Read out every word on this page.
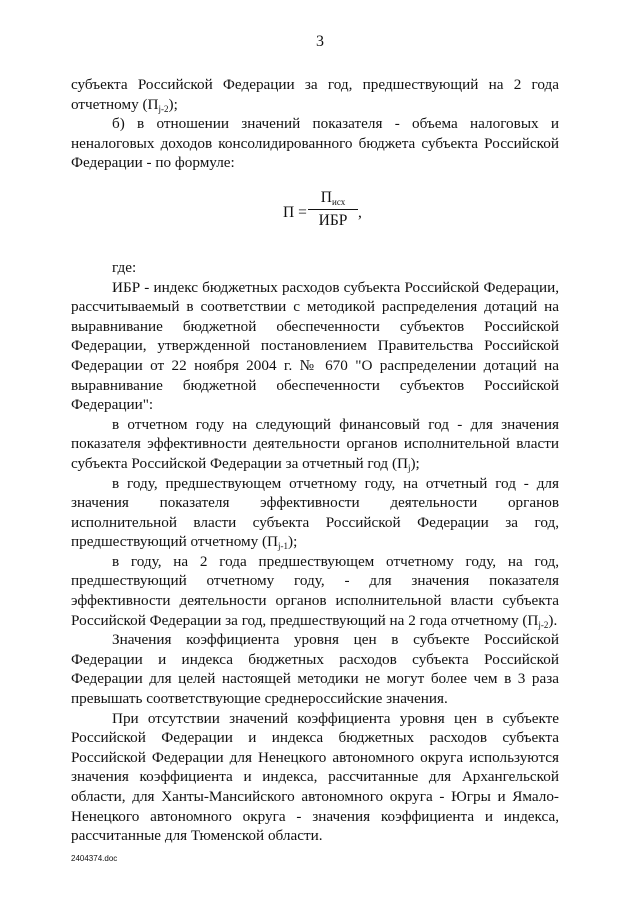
3

субъекта Российской Федерации за год, предшествующий на 2 года отчетному $(П_{j-2})$;

б) в отношении значений показателя - объема налоговых и неналоговых доходов консолидированного бюджета субъекта Российской Федерации - по формуле:

П =
$П_{исх}$
ИБР ,

где:

ИБР - индекс бюджетных расходов субъекта Российской Федерации, рассчитываемый в соответствии с методикой распределения дотаций на выравнивание бюджетной обеспеченности субъектов Российской Федерации, утвержденной постановлением Правительства Российской Федерации от 22 ноября 2004 г. № 670 "О распределении дотаций на выравнивание бюджетной обеспеченности субъектов Российской Федерации":

в отчетном году на следующий финансовый год - для значения показателя эффективности деятельности органов исполнительной власти субъекта Российской Федерации за отчетный год $(П_j)$;

в году, предшествующем отчетному году, на отчетный год - для значения показателя эффективности деятельности органов исполнительной власти субъекта Российской Федерации за год, предшествующий отчетному $(П_{j-1})$;

в году, на 2 года предшествующем отчетному году, на год, предшествующий отчетному году, - для значения показателя эффективности деятельности органов исполнительной власти субъекта Российской Федерации за год, предшествующий на 2 года отчетному $(П_{j-2})$.

Значения коэффициента уровня цен в субъекте Российской Федерации и индекса бюджетных расходов субъекта Российской Федерации для целей настоящей методики не могут более чем в 3 раза превышать соответствующие среднероссийские значения.

При отсутствии значений коэффициента уровня цен в субъекте Российской Федерации и индекса бюджетных расходов субъекта Российской Федерации для Ненецкого автономного округа используются значения коэффициента и индекса, рассчитанные для Архангельской области, для Ханты-Мансийского автономного округа - Югры и Ямало-Ненецкого автономного округа - значения коэффициента и индекса, рассчитанные для Тюменской области.

2404374.doc
